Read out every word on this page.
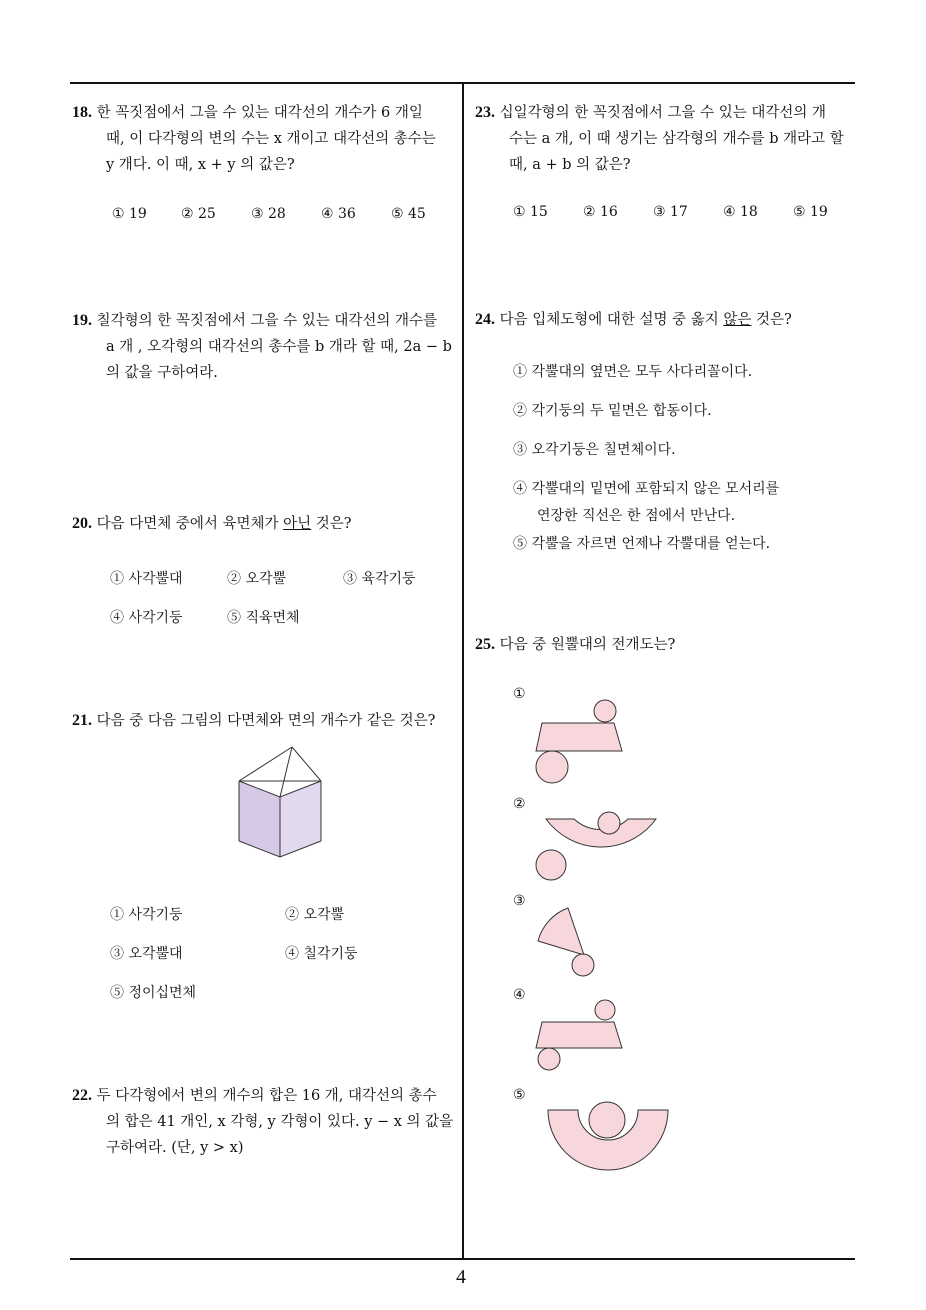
18. 한 꼭짓점에서 그을 수 있는 대각선의 개수가 6 개일
때, 이 다각형의 변의 수는 x 개이고 대각선의 총수는
y 개다. 이 때, x + y 의 값은?
① 19 ② 25	③ 28	④ 36	⑤ 45
19. 칠각형의 한 꼭짓점에서 그을 수 있는 대각선의 개수를
a 개 , 오각형의 대각선의 총수를 b 개라 할 때, 2a − b
의 값을 구하여라.
20. 다음 다면체 중에서 육면체가 아닌 것은?
① 사각뿔대	② 오각뿔	③ 육각기둥
④ 사각기둥	⑤ 직육면체
21. 다음 중 다음 그림의 다면체와 면의 개수가 같은 것은?
① 사각기둥	② 오각뿔
③ 오각뿔대	④ 칠각기둥
⑤ 정이십면체
22. 두 다각형에서 변의 개수의 합은 16 개, 대각선의 총수
의 합은 41 개인, x 각형, y 각형이 있다. y − x 의 값을
구하여라. (단, y > x)
23. 십일각형의 한 꼭짓점에서 그을 수 있는 대각선의 개
수는 a 개, 이 때 생기는 삼각형의 개수를 b 개라고 할
때, a + b 의 값은?
① 15	② 16	③ 17	④ 18	⑤ 19
24. 다음 입체도형에 대한 설명 중 옳지 않은 것은?
① 각뿔대의 옆면은 모두 사다리꼴이다.
② 각기둥의 두 밑면은 합동이다.
③ 오각기둥은 칠면체이다.
④ 각뿔대의 밑면에 포함되지 않은 모서리를
연장한 직선은 한 점에서 만난다.
⑤ 각뿔을 자르면 언제나 각뿔대를 얻는다.
25. 다음 중 원뿔대의 전개도는?
①
②
③
④
⑤
4
